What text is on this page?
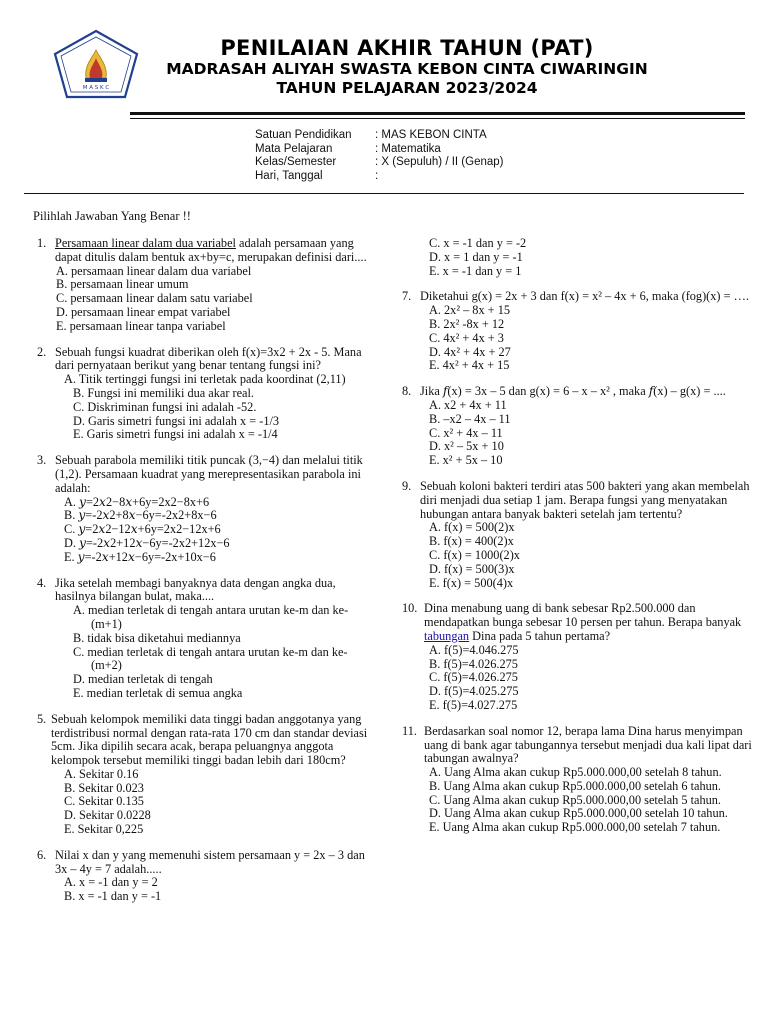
M A S K C
PENILAIAN AKHIR TAHUN (PAT)
MADRASAH ALIYAH SWASTA KEBON CINTA CIWARINGIN
TAHUN PELAJARAN 2023/2024
Satuan Pendidikan	: MAS KEBON CINTA
Mata Pelajaran	: Matematika
Kelas/Semester	: X (Sepuluh) / II (Genap)
Hari, Tanggal	:
Pilihlah Jawaban Yang Benar !!
1. Persamaan linear dalam dua variabel adalah persamaan yang dapat ditulis dalam bentuk ax+by=c, merupakan definisi dari....
A. persamaan linear dalam dua variabel
B. persamaan linear umum
C. persamaan linear dalam satu variabel
D. persamaan linear empat variabel
E. persamaan linear tanpa variabel
2. Sebuah fungsi kuadrat diberikan oleh f(x)=3x2 + 2x - 5. Mana dari pernyataan berikut yang benar tentang fungsi ini?
A. Titik tertinggi fungsi ini terletak pada koordinat (2,11)
B. Fungsi ini memiliki dua akar real.
C. Diskriminan fungsi ini adalah -52.
D. Garis simetri fungsi ini adalah x = -1/3
E. Garis simetri fungsi ini adalah x = -1/4
3. Sebuah parabola memiliki titik puncak (3,−4) dan melalui titik (1,2). Persamaan kuadrat yang merepresentasikan parabola ini adalah:
A. 𝑦=2𝑥2−8𝑥+6y=2x2−8x+6
B. 𝑦=-2𝑥2+8𝑥−6y=-2x2+8x−6
C. 𝑦=2𝑥2−12𝑥+6y=2x2−12x+6
D. 𝑦=-2𝑥2+12𝑥−6y=-2x2+12x−6
E. 𝑦=-2𝑥+12𝑥−6y=-2x+10x−6
4. Jika setelah membagi banyaknya data dengan angka dua, hasilnya bilangan bulat, maka....
A. median terletak di tengah antara urutan ke-m dan ke- (m+1)
B. tidak bisa diketahui mediannya
C. median terletak di tengah antara urutan ke-m dan ke-(m+2)
D. median terletak di tengah
E. median terletak di semua angka
5. Sebuah kelompok memiliki data tinggi badan anggotanya yang terdistribusi normal dengan rata-rata 170 cm dan standar deviasi 5cm. Jika dipilih secara acak, berapa peluangnya anggota kelompok tersebut memiliki tinggi badan lebih dari 180cm?
A. Sekitar 0.16
B. Sekitar 0.023
C. Sekitar 0.135
D. Sekitar 0.0228
E. Sekitar 0,225
6. Nilai x dan y yang memenuhi sistem persamaan y = 2x – 3 dan 3x – 4y = 7 adalah.....
A. x = -1 dan y = 2
B. x = -1 dan y = -1
C. x = -1 dan y = -2
D. x = 1 dan y = -1
E. x = -1 dan y = 1
7. Diketahui g(x) = 2x + 3 dan f(x) = x² – 4x + 6, maka (fog)(x) = ….
A. 2x² – 8x + 15
B. 2x² -8x + 12
C. 4x² + 4x + 3
D. 4x² + 4x + 27
E. 4x² + 4x + 15
8. Jika 𝑓(x) = 3x – 5 dan g(x) = 6 – x – x² , maka 𝑓(x) – g(x) = ....
A. x2 + 4x + 11
B. –x2 – 4x – 11
C. x² + 4x – 11
D. x² – 5x + 10
E. x² + 5x – 10
9. Sebuah koloni bakteri terdiri atas 500 bakteri yang akan membelah diri menjadi dua setiap 1 jam. Berapa fungsi yang menyatakan hubungan antara banyak bakteri setelah jam tertentu?
A. f(x) = 500(2)x
B. f(x) = 400(2)x
C. f(x) = 1000(2)x
D. f(x) = 500(3)x
E. f(x) = 500(4)x
10. Dina menabung uang di bank sebesar Rp2.500.000 dan mendapatkan bunga sebesar 10 persen per tahun. Berapa banyak tabungan Dina pada 5 tahun pertama?
A. f(5)=4.046.275
B. f(5)=4.026.275
C. f(5)=4.026.275
D. f(5)=4.025.275
E. f(5)=4.027.275
11. Berdasarkan soal nomor 12, berapa lama Dina harus menyimpan uang di bank agar tabungannya tersebut menjadi dua kali lipat dari tabungan awalnya?
A. Uang Alma akan cukup Rp5.000.000,00 setelah 8 tahun.
B. Uang Alma akan cukup Rp5.000.000,00 setelah 6 tahun.
C. Uang Alma akan cukup Rp5.000.000,00 setelah 5 tahun.
D. Uang Alma akan cukup Rp5.000.000,00 setelah 10 tahun.
E. Uang Alma akan cukup Rp5.000.000,00 setelah 7 tahun.
